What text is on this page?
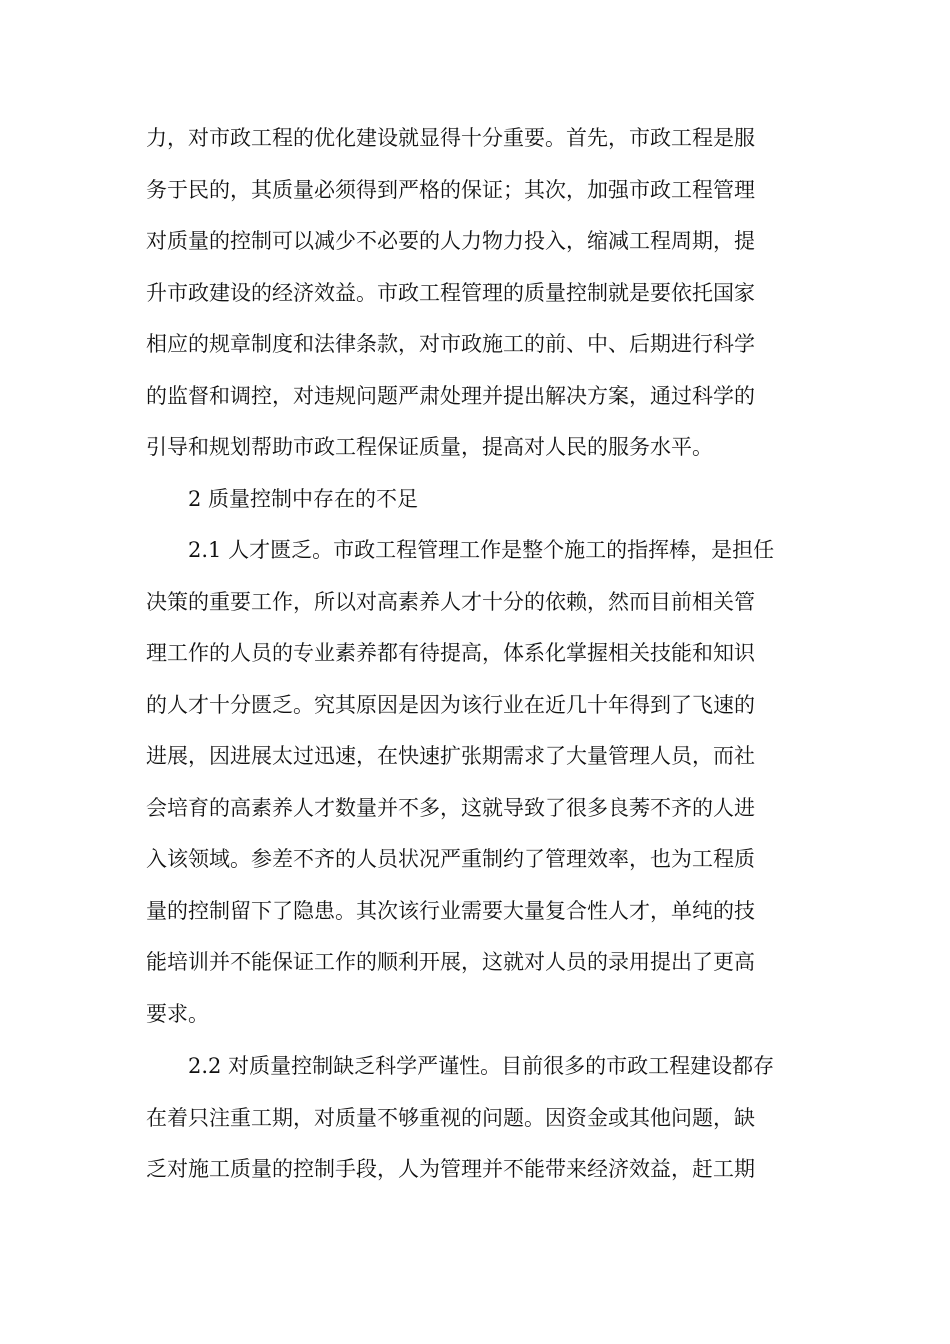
力，对市政工程的优化建设就显得十分重要。首先，市政工程是服
务于民的，其质量必须得到严格的保证；其次，加强市政工程管理
对质量的控制可以减少不必要的人力物力投入，缩减工程周期，提
升市政建设的经济效益。市政工程管理的质量控制就是要依托国家
相应的规章制度和法律条款，对市政施工的前、中、后期进行科学
的监督和调控，对违规问题严肃处理并提出解决方案，通过科学的
引导和规划帮助市政工程保证质量，提高对人民的服务水平。
2 质量控制中存在的不足
2.1 人才匮乏。市政工程管理工作是整个施工的指挥棒，是担任
决策的重要工作，所以对高素养人才十分的依赖，然而目前相关管
理工作的人员的专业素养都有待提高，体系化掌握相关技能和知识
的人才十分匮乏。究其原因是因为该行业在近几十年得到了飞速的
进展，因进展太过迅速，在快速扩张期需求了大量管理人员，而社
会培育的高素养人才数量并不多，这就导致了很多良莠不齐的人进
入该领域。参差不齐的人员状况严重制约了管理效率，也为工程质
量的控制留下了隐患。其次该行业需要大量复合性人才，单纯的技
能培训并不能保证工作的顺利开展，这就对人员的录用提出了更高
要求。
2.2 对质量控制缺乏科学严谨性。目前很多的市政工程建设都存
在着只注重工期，对质量不够重视的问题。因资金或其他问题，缺
乏对施工质量的控制手段，人为管理并不能带来经济效益，赶工期
